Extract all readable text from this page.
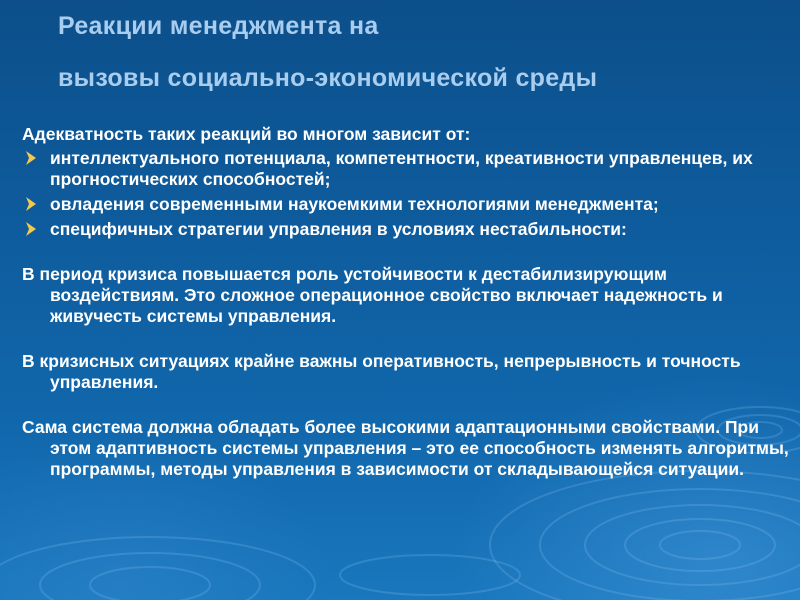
Реакции менеджмента на
вызовы социально-экономической среды

Адекватность таких реакций во многом зависит от:

интеллектуального потенциала, компетентности, креативности управленцев, их прогностических способностей;
овладения современными наукоемкими технологиями менеджмента;
специфичных стратегии управления в условиях нестабильности:

В период кризиса повышается роль устойчивости к дестабилизирующим воздействиям. Это сложное операционное свойство включает надежность и живучесть системы управления.

В кризисных ситуациях крайне важны оперативность, непрерывность и точность управления.

Сама система должна обладать более высокими адаптационными свойствами. При этом адаптивность системы управления – это ее способность изменять алгоритмы, программы, методы управления в зависимости от складывающейся ситуации.
